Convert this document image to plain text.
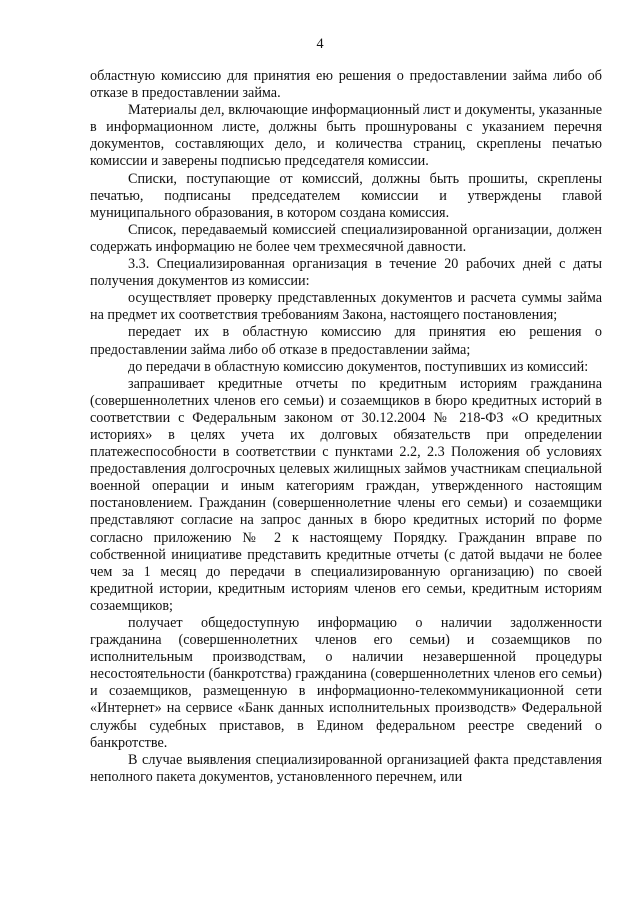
4

областную комиссию для принятия ею решения о предоставлении займа либо об отказе в предоставлении займа.

Материалы дел, включающие информационный лист и документы, указанные в информационном листе, должны быть прошнурованы с указанием перечня документов, составляющих дело, и количества страниц, скреплены печатью комиссии и заверены подписью председателя комиссии.

Списки, поступающие от комиссий, должны быть прошиты, скреплены печатью, подписаны председателем комиссии и утверждены главой муниципального образования, в котором создана комиссия.

Список, передаваемый комиссией специализированной организации, должен содержать информацию не более чем трехмесячной давности.

3.3. Специализированная организация в течение 20 рабочих дней с даты получения документов из комиссии:

осуществляет проверку представленных документов и расчета суммы займа на предмет их соответствия требованиям Закона, настоящего постановления;

передает их в областную комиссию для принятия ею решения о предоставлении займа либо об отказе в предоставлении займа;

до передачи в областную комиссию документов, поступивших из комиссий:

запрашивает кредитные отчеты по кредитным историям гражданина (совершеннолетних членов его семьи) и созаемщиков в бюро кредитных историй в соответствии с Федеральным законом от 30.12.2004 № 218-ФЗ «О кредитных историях» в целях учета их долговых обязательств при определении платежеспособности в соответствии с пунктами 2.2, 2.3 Положения об условиях предоставления долгосрочных целевых жилищных займов участникам специальной военной операции и иным категориям граждан, утвержденного настоящим постановлением. Гражданин (совершеннолетние члены его семьи) и созаемщики представляют согласие на запрос данных в бюро кредитных историй по форме согласно приложению № 2 к настоящему Порядку. Гражданин вправе по собственной инициативе представить кредитные отчеты (с датой выдачи не более чем за 1 месяц до передачи в специализированную организацию) по своей кредитной истории, кредитным историям членов его семьи, кредитным историям созаемщиков;

получает общедоступную информацию о наличии задолженности гражданина (совершеннолетних членов его семьи) и созаемщиков по исполнительным производствам, о наличии незавершенной процедуры несостоятельности (банкротства) гражданина (совершеннолетних членов его семьи) и созаемщиков, размещенную в информационно-телекоммуникационной сети «Интернет» на сервисе «Банк данных исполнительных производств» Федеральной службы судебных приставов, в Едином федеральном реестре сведений о банкротстве.

В случае выявления специализированной организацией факта представления неполного пакета документов, установленного перечнем, или
